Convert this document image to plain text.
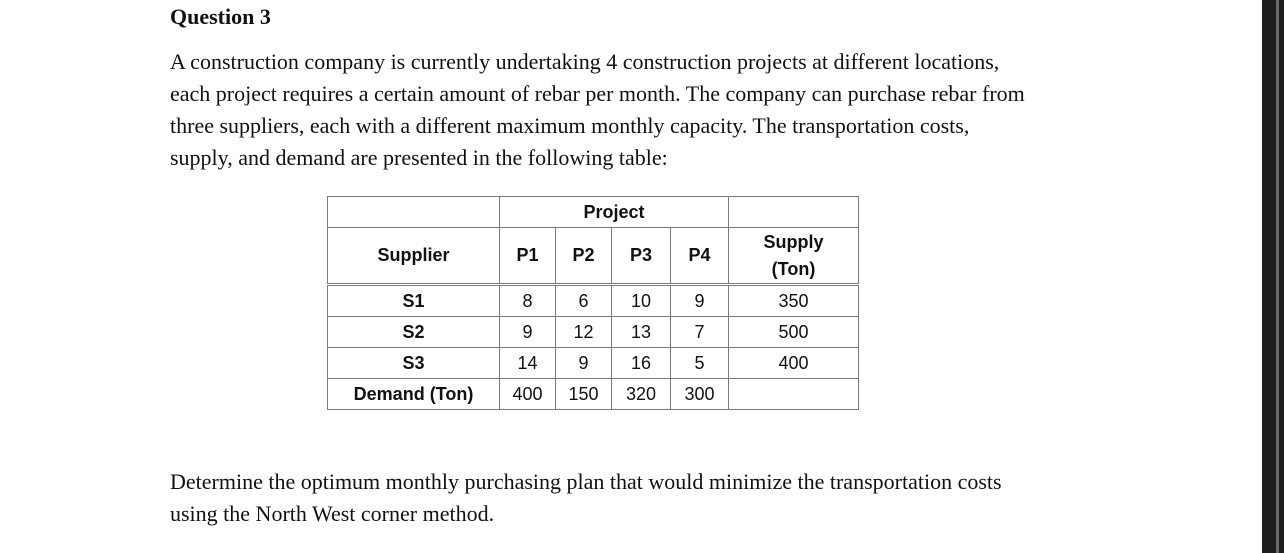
Question 3
A construction company is currently undertaking 4 construction projects at different locations,
each project requires a certain amount of rebar per month. The company can purchase rebar from
three suppliers, each with a different maximum monthly capacity. The transportation costs,
supply, and demand are presented in the following table:
	Project				
Supplier	P1	P2	P3	P4	Supply
(Ton)

S1	8	6	10	9	350
S2	9	12	13	7	500
S3	14	9	16	5	400
Demand (Ton)	400	150	320	300	
Determine the optimum monthly purchasing plan that would minimize the transportation costs
using the North West corner method.
